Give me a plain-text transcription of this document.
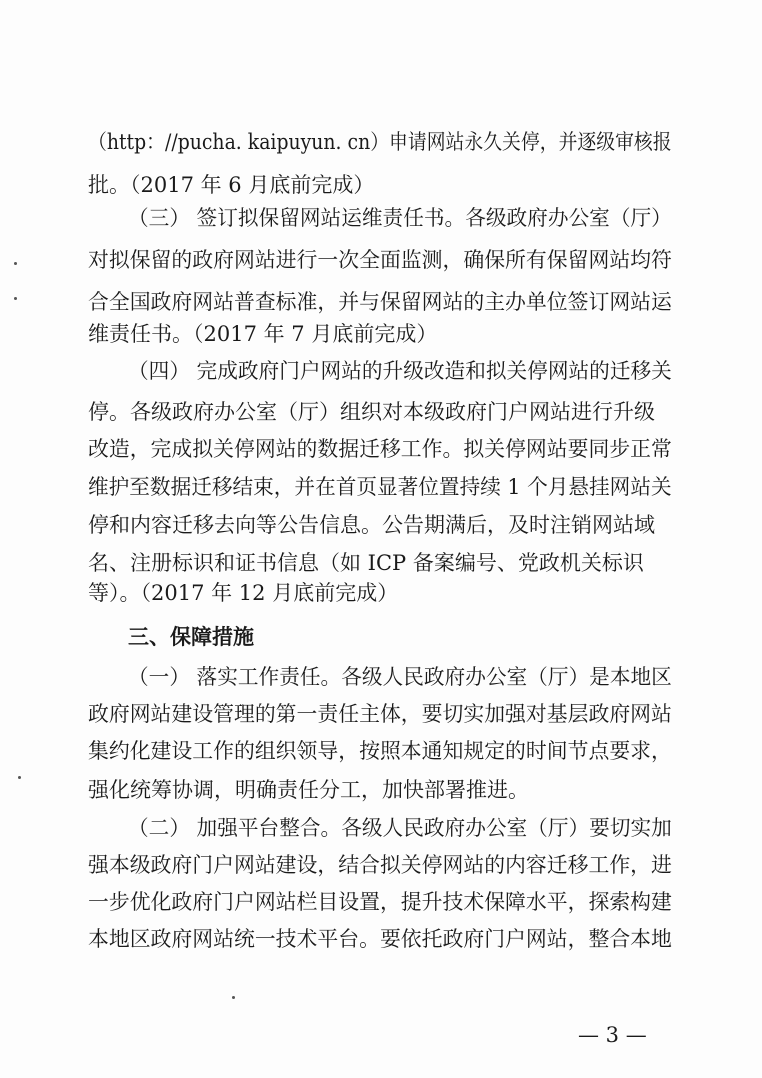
（http：//pucha. kaipuyun. cn）申请网站永久关停，并逐级审核报
批。（2017 年 6 月底前完成）
（三） 签订拟保留网站运维责任书。各级政府办公室（厅）
对拟保留的政府网站进行一次全面监测，确保所有保留网站均符
合全国政府网站普查标准，并与保留网站的主办单位签订网站运
维责任书。（2017 年 7 月底前完成）
（四） 完成政府门户网站的升级改造和拟关停网站的迁移关
停。各级政府办公室（厅）组织对本级政府门户网站进行升级
改造，完成拟关停网站的数据迁移工作。拟关停网站要同步正常
维护至数据迁移结束，并在首页显著位置持续 1 个月悬挂网站关
停和内容迁移去向等公告信息。公告期满后，及时注销网站域
名、注册标识和证书信息（如 ICP 备案编号、党政机关标识
等）。（2017 年 12 月底前完成）
三、保障措施
（一） 落实工作责任。各级人民政府办公室（厅）是本地区
政府网站建设管理的第一责任主体，要切实加强对基层政府网站
集约化建设工作的组织领导，按照本通知规定的时间节点要求，
强化统筹协调，明确责任分工，加快部署推进。
（二） 加强平台整合。各级人民政府办公室（厅）要切实加
强本级政府门户网站建设，结合拟关停网站的内容迁移工作，进
一步优化政府门户网站栏目设置，提升技术保障水平，探索构建
本地区政府网站统一技术平台。要依托政府门户网站，整合本地
— 3 —
